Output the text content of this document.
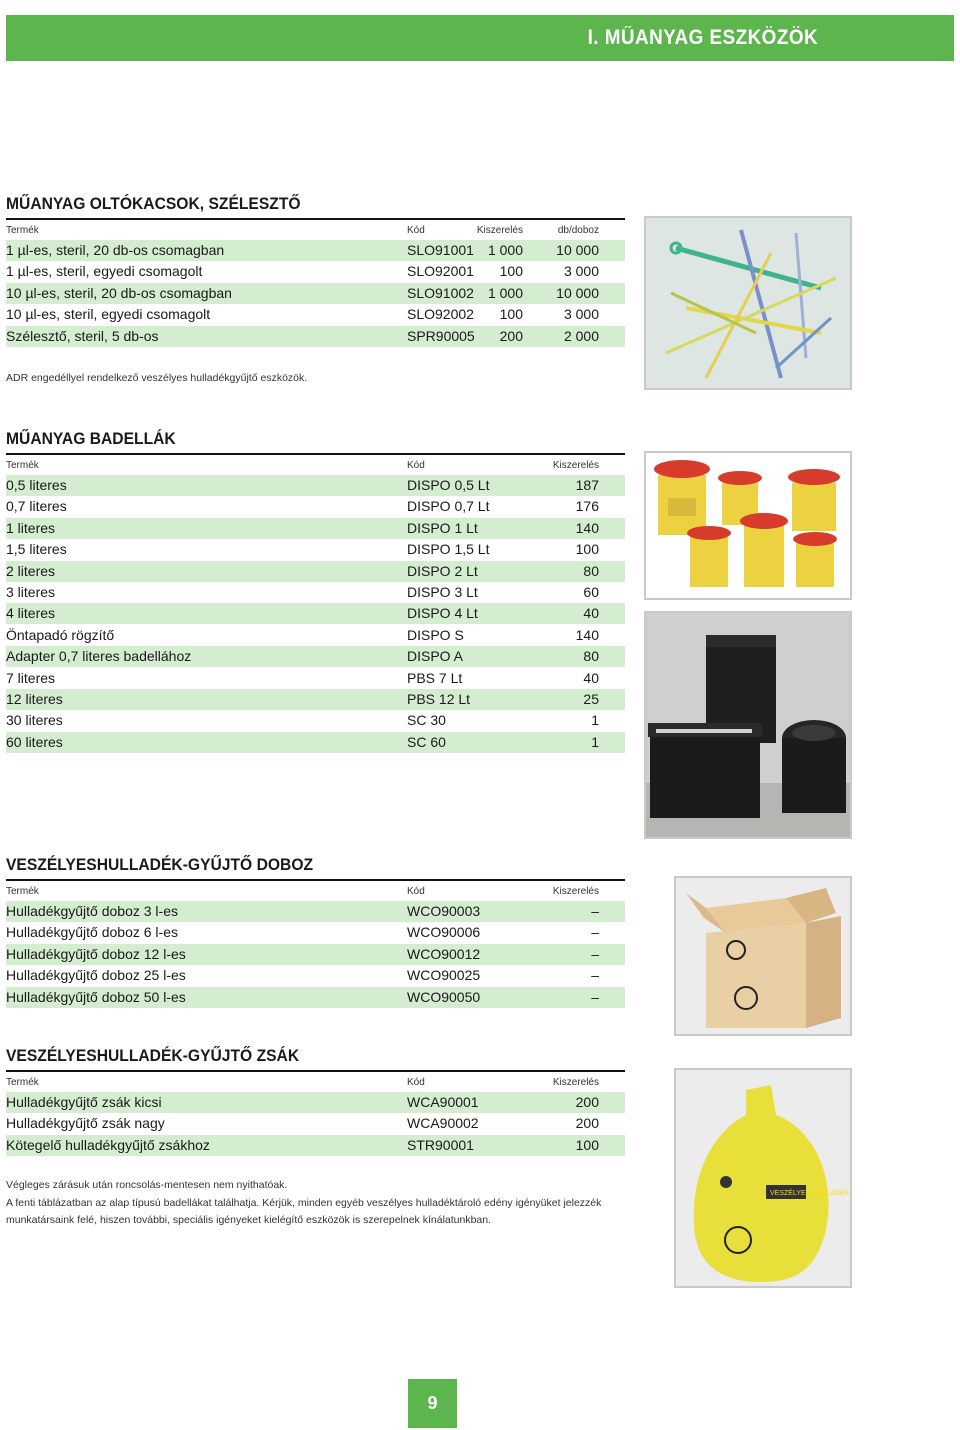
I. MŰANYAG ESZKÖZÖK
MŰANYAG OLTÓKACSOK, SZÉLESZTŐ
Termék	Kód	Kiszerelés	db/doboz
1 µl-es, steril, 20 db-os csomagban	SLO91001	1 000	10 000
1 µl-es, steril, egyedi csomagolt	SLO92001	100	3 000
10 µl-es, steril, 20 db-os csomagban	SLO91002	1 000	10 000
10 µl-es, steril, egyedi csomagolt	SLO92002	100	3 000
Szélesztő, steril, 5 db-os	SPR90005	200	2 000
ADR engedéllyel rendelkező veszélyes hulladékgyűjtő eszközök.
MŰANYAG BADELLÁK
Termék	Kód	Kiszerelés
0,5 literes	DISPO 0,5 Lt	187
0,7 literes	DISPO 0,7 Lt	176
1 literes	DISPO 1 Lt	140
1,5 literes	DISPO 1,5 Lt	100
2 literes	DISPO 2 Lt	80
3 literes	DISPO 3 Lt	60
4 literes	DISPO 4 Lt	40
Öntapadó rögzítő	DISPO S	140
Adapter 0,7 literes badellához	DISPO A	80
7 literes	PBS 7 Lt	40
12 literes	PBS 12 Lt	25
30 literes	SC 30	1
60 literes	SC 60	1
VESZÉLYESHULLADÉK-GYŰJTŐ DOBOZ
Termék	Kód	Kiszerelés
Hulladékgyűjtő doboz 3 l-es	WCO90003	–
Hulladékgyűjtő doboz 6 l-es	WCO90006	–
Hulladékgyűjtő doboz 12 l-es	WCO90012	–
Hulladékgyűjtő doboz 25 l-es	WCO90025	–
Hulladékgyűjtő doboz 50 l-es	WCO90050	–
VESZÉLYESHULLADÉK-GYŰJTŐ ZSÁK
Termék	Kód	Kiszerelés
Hulladékgyűjtő zsák kicsi	WCA90001	200
Hulladékgyűjtő zsák nagy	WCA90002	200
Kötegelő hulladékgyűjtő zsákhoz	STR90001	100
VESZÉLYES HULLADÉK
Végleges zárásuk után roncsolás-mentesen nem nyithatóak.
A fenti táblázatban az alap típusú badellákat találhatja. Kérjük, minden egyéb veszélyes hulladéktároló edény igényüket jelezzék munkatársaink felé, hiszen további, speciális igényeket kielégítő eszközök is szerepelnek kínálatunkban.
9
